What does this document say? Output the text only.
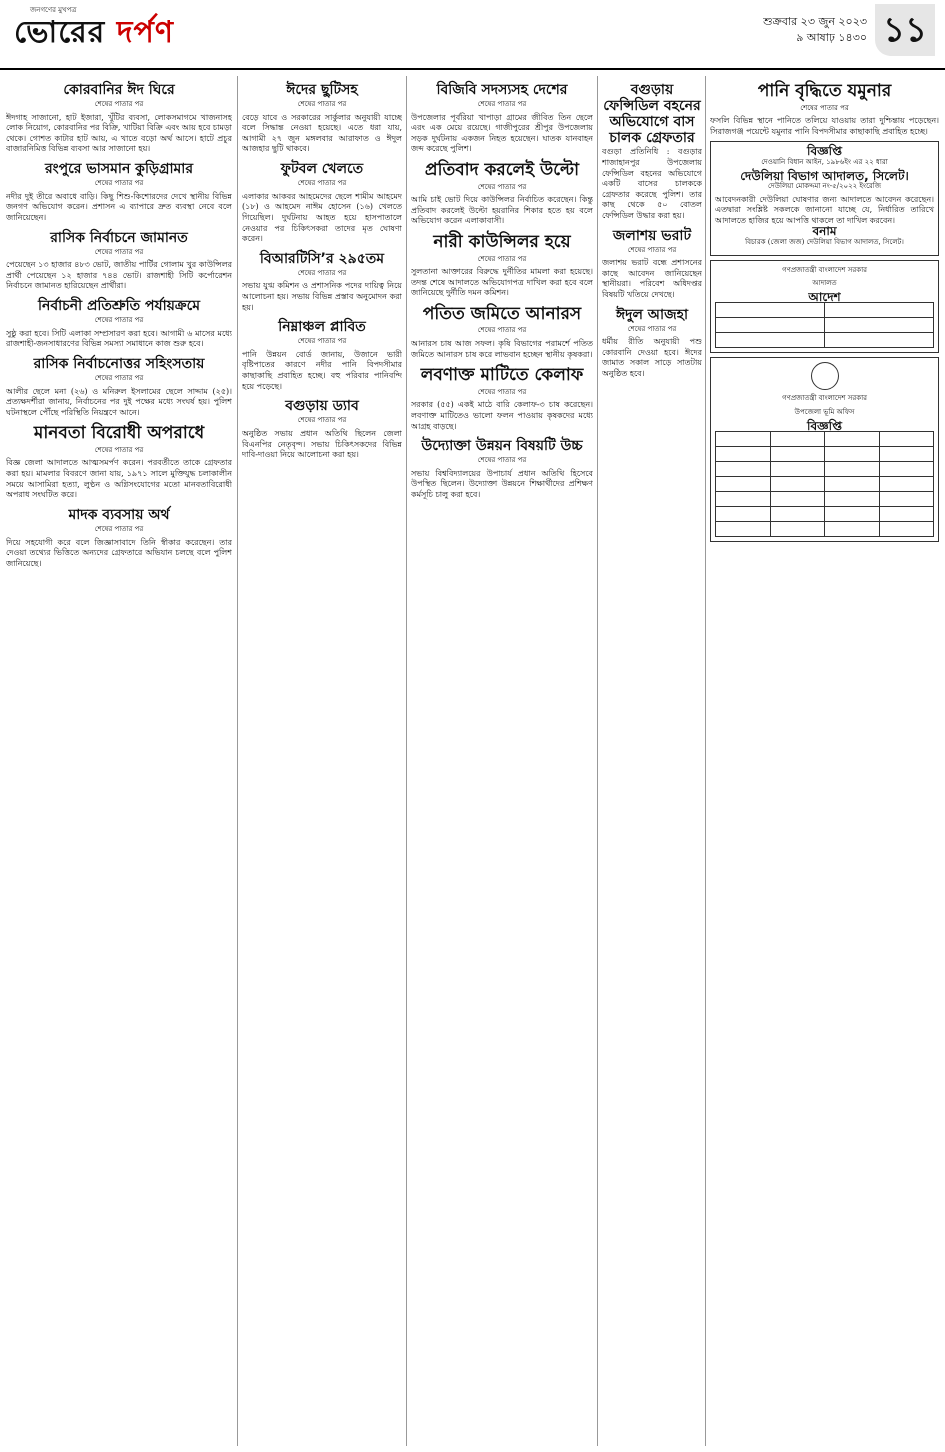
জনগণের মুখপত্র
ভোরের দর্পণ	শুক্রবার ২৩ জুন ২০২৩
৯ আষাঢ় ১৪৩০ ১১
কোরবানির ঈদ ঘিরে
শেষের পাতার পর
ঈদগাহ সাজানো, হাট ইজারা, খুঁটির ব্যবসা, লোকসমাগমে খাজনাসহ লোক নিয়োগ, কোরবানির পর বিক্রি, খাটিয়া বিক্রি এবং আয় হবে চামড়া থেকে। গোশত কাটার হাট আয়, এ খাতে বড়ো অর্থ আসে। হাটে প্রচুর বাজারনিমিত্ত বিভিন্ন ব্যবসা আর সাজানো হয়।
রংপুরে ভাসমান কুড়িগ্রামার
শেষের পাতার পর
নদীর দুই তীরে অবাধে বাড়ি। কিছু শিশু-কিশোরদের দেখে স্থানীয় বিভিন্ন জনগণ অভিযোগ করেন। প্রশাসন এ ব্যাপারে দ্রুত ব্যবস্থা নেবে বলে জানিয়েছেন।
রাসিক নির্বাচনে জামানত
শেষের পাতার পর
পেয়েছেন ১৩ হাজার ৪৮৩ ভোট, জাতীয় পার্টির গোলাম খুর কাউন্সিলর প্রার্থী পেয়েছেন ১২ হাজার ৭৪৪ ভোট। রাজশাহী সিটি কর্পোরেশন নির্বাচনে জামানত হারিয়েছেন প্রার্থীরা।
নির্বাচনী প্রতিশ্রুতি পর্যায়ক্রমে
শেষের পাতার পর
সুষ্ঠু করা হবে। সিটি এলাকা সম্প্রসারণ করা হবে। আগামী ৬ মাসের মধ্যে রাজশাহী-জনসাধারণের বিভিন্ন সমস্যা সমাধানে কাজ শুরু হবে।
রাসিক নির্বাচনোত্তর সহিংসতায়
শেষের পাতার পর
আলীর ছেলে মনা (২৬) ও মনিরুল ইসলামের ছেলে সাদ্দাম (২৫)। প্রত্যক্ষদর্শীরা জানায়, নির্বাচনের পর দুই পক্ষের মধ্যে সংঘর্ষ হয়। পুলিশ ঘটনাস্থলে পৌঁছে পরিস্থিতি নিয়ন্ত্রণে আনে।
মানবতা বিরোধী অপরাধে
শেষের পাতার পর
বিজ্ঞ জেলা আদালতে আত্মসমর্পণ করেন। পরবর্তীতে তাকে গ্রেফতার করা হয়। মামলার বিবরণে জানা যায়, ১৯৭১ সালে মুক্তিযুদ্ধ চলাকালীন সময়ে আসামিরা হত্যা, লুণ্ঠন ও অগ্নিসংযোগের মতো মানবতাবিরোধী অপরাধ সংঘটিত করে।
মাদক ব্যবসায় অর্থ
শেষের পাতার পর
দিয়ে সহযোগী করে বলে জিজ্ঞাসাবাদে তিনি স্বীকার করেছেন। তার দেওয়া তথ্যের ভিত্তিতে অন্যদের গ্রেফতারে অভিযান চলছে বলে পুলিশ জানিয়েছে।
ঈদের ছুটিসহ
শেষের পাতার পর
বেড়ে যাবে ও সরকারের সার্কুলার অনুযায়ী যাচ্ছে বলে সিদ্ধান্ত নেওয়া হয়েছে। এতে ধরা যায়, আগামী ২৭ জুন মঙ্গলবার আরাফাত ও ঈদুল আজহার ছুটি থাকবে।
ফুটবল খেলতে
শেষের পাতার পর
এলাকার আকবর আহমেদের ছেলে শামীম আহমেদ (১৮) ও আহমেদ নাঈম হোসেন (১৬) খেলতে গিয়েছিল। দুর্ঘটনায় আহত হয়ে হাসপাতালে নেওয়ার পর চিকিৎসকরা তাদের মৃত ঘোষণা করেন।
বিআরটিসি’র ২৯৫তম
শেষের পাতার পর
সভায় যুগ্ম কমিশন ও প্রশাসনিক পদের দায়িত্ব নিয়ে আলোচনা হয়। সভায় বিভিন্ন প্রস্তাব অনুমোদন করা হয়।
নিম্নাঞ্চল প্লাবিত
শেষের পাতার পর
পানি উন্নয়ন বোর্ড জানায়, উজানে ভারী বৃষ্টিপাতের কারণে নদীর পানি বিপদসীমার কাছাকাছি প্রবাহিত হচ্ছে। বহু পরিবার পানিবন্দি হয়ে পড়েছে।
বগুড়ায় ড্যাব
শেষের পাতার পর
অনুষ্ঠিত সভায় প্রধান অতিথি ছিলেন জেলা বিএনপির নেতৃবৃন্দ। সভায় চিকিৎসকদের বিভিন্ন দাবি-দাওয়া নিয়ে আলোচনা করা হয়।
বিজিবি সদস্যসহ দেশের
শেষের পাতার পর
উপজেলার পূর্বরিয়া খাপাড়া গ্রামের জীবিত তিন ছেলে এরং এক মেয়ে রয়েছে। গাজীপুরের শ্রীপুর উপজেলায় সড়ক দুর্ঘটনায় একজন নিহত হয়েছেন। ঘাতক যানবাহন জব্দ করেছে পুলিশ।
প্রতিবাদ করলেই উল্টো
শেষের পাতার পর
আমি চাই ভোট দিয়ে কাউন্সিলর নির্বাচিত করেছেন। কিন্তু প্রতিবাদ করলেই উল্টো হয়রানির শিকার হতে হয় বলে অভিযোগ করেন এলাকাবাসী।
নারী কাউন্সিলর হয়ে
শেষের পাতার পর
সুলতানা আক্তারের বিরুদ্ধে দুর্নীতির মামলা করা হয়েছে। তদন্ত শেষে আদালতে অভিযোগপত্র দাখিল করা হবে বলে জানিয়েছে দুর্নীতি দমন কমিশন।
পতিত জমিতে আনারস
শেষের পাতার পর
আনারস চাষ আজ সফল। কৃষি বিভাগের পরামর্শে পতিত জমিতে আনারস চাষ করে লাভবান হচ্ছেন স্থানীয় কৃষকরা।
লবণাক্ত মাটিতে কেলাফ
শেষের পাতার পর
সরকার (৫৫) একই মাঠে বারি কেলাফ-৩ চাষ করেছেন। লবণাক্ত মাটিতেও ভালো ফলন পাওয়ায় কৃষকদের মধ্যে আগ্রহ বাড়ছে।
উদ্যোক্তা উন্নয়ন বিষয়টি উচ্চ
শেষের পাতার পর
সভায় বিশ্ববিদ্যালয়ের উপাচার্য প্রধান অতিথি হিসেবে উপস্থিত ছিলেন। উদ্যোক্তা উন্নয়নে শিক্ষার্থীদের প্রশিক্ষণ কর্মসূচি চালু করা হবে।
বগুড়ায় ফেন্সিডিল বহনের অভিযোগে বাস চালক গ্রেফতার
বগুড়া প্রতিনিধি : বগুড়ার শাজাহানপুর উপজেলায় ফেন্সিডিল বহনের অভিযোগে একটি বাসের চালককে গ্রেফতার করেছে পুলিশ। তার কাছ থেকে ৫০ বোতল ফেন্সিডিল উদ্ধার করা হয়।
জলাশয় ভরাট
শেষের পাতার পর
জলাশয় ভরাট বন্ধে প্রশাসনের কাছে আবেদন জানিয়েছেন স্থানীয়রা। পরিবেশ অধিদপ্তর বিষয়টি খতিয়ে দেখছে।
ঈদুল আজহা
শেষের পাতার পর
ধর্মীয় রীতি অনুযায়ী পশু কোরবানি দেওয়া হবে। ঈদের জামাত সকাল সাড়ে সাতটায় অনুষ্ঠিত হবে।
পানি বৃদ্ধিতে যমুনার
শেষের পাতার পর
ফসলি বিভিন্ন স্থানে পানিতে তলিয়ে যাওয়ায় তারা দুশ্চিন্তায় পড়েছেন। সিরাজগঞ্জ পয়েন্টে যমুনার পানি বিপদসীমার কাছাকাছি প্রবাহিত হচ্ছে।
বিজ্ঞপ্তি
দেওয়ানি বিধান আইন, ১৯৮৬ইং এর ২২ ধারা
দেউলিয়া বিভাগ আদালত, সিলেট।
দেউলিয়া মোকদ্দমা নং-৫/২০২২ ইংরেজি
আবেদনকারী দেউলিয়া ঘোষণার জন্য আদালতে আবেদন করেছেন। এতদ্বারা সংশ্লিষ্ট সকলকে জানানো যাচ্ছে যে, নির্ধারিত তারিখে আদালতে হাজির হয়ে আপত্তি থাকলে তা দাখিল করবেন।
বনাম
বিচারক (জেলা জজ) দেউলিয়া বিভাগ আদালত, সিলেট।
গণপ্রজাতন্ত্রী বাংলাদেশ সরকার
আদালত
আদেশ

গণপ্রজাতন্ত্রী বাংলাদেশ সরকার
উপজেলা ভূমি অফিস
বিজ্ঞপ্তি
